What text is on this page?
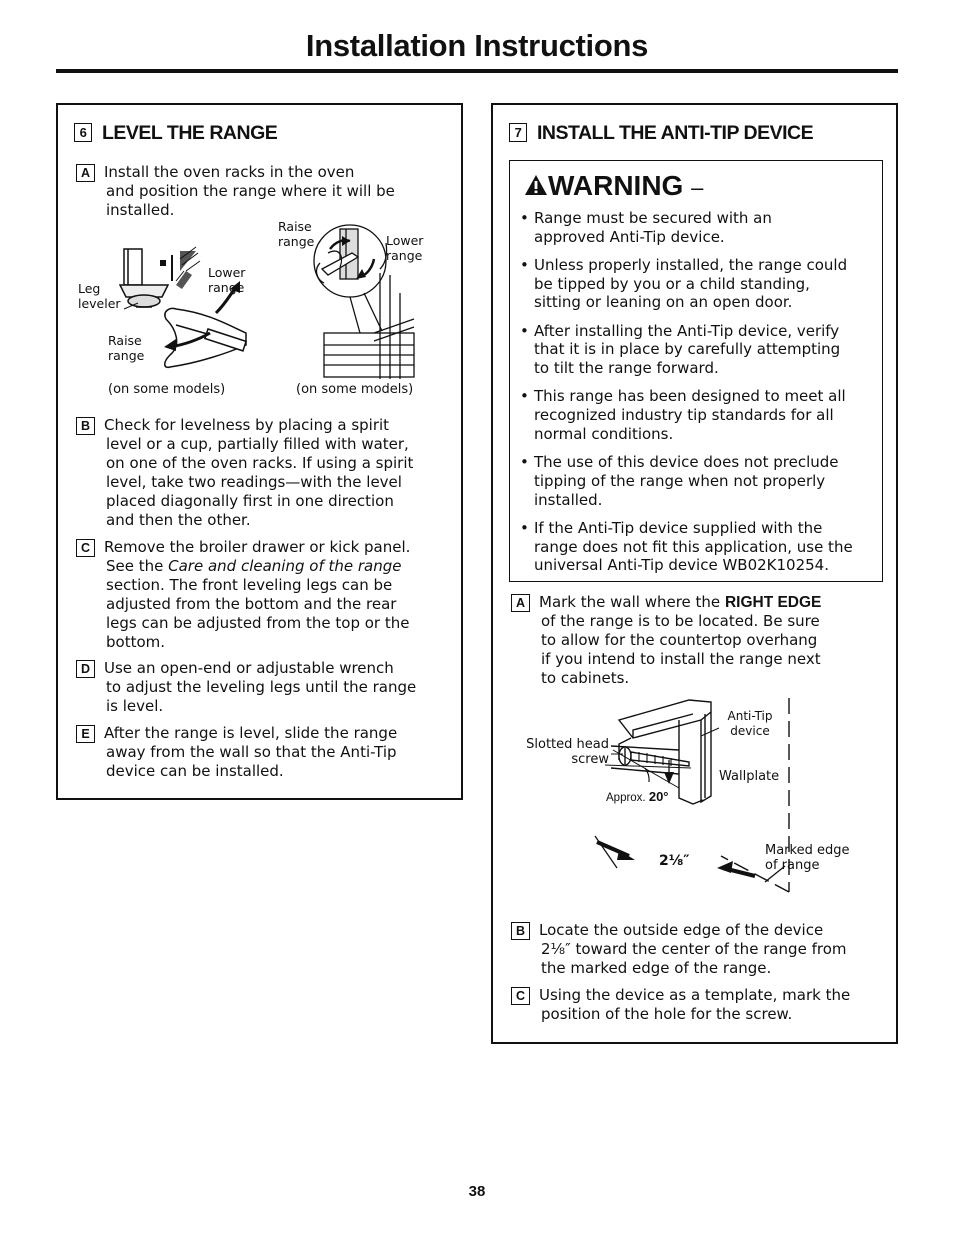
Installation Instructions
6 LEVEL THE RANGE
A Install the oven racks in the oven
and position the range where it will be
installed.
Leg
leveler
Lower
range
Raise
range
(on some models)
Raise
range	Lower
range
(on some models)
B Check for levelness by placing a spirit
level or a cup, partially filled with water,
on one of the oven racks. If using a spirit
level, take two readings—with the level
placed diagonally first in one direction
and then the other.
C Remove the broiler drawer or kick panel.
See the Care and cleaning of the range
section. The front leveling legs can be
adjusted from the bottom and the rear
legs can be adjusted from the top or the
bottom.
D Use an open-end or adjustable wrench
to adjust the leveling legs until the range
is level.
E After the range is level, slide the range
away from the wall so that the Anti-Tip
device can be installed.
7 INSTALL THE ANTI-TIP DEVICE
WARNING –
• Range must be secured with an
approved Anti-Tip device.
• Unless properly installed, the range could
be tipped by you or a child standing,
sitting or leaning on an open door.
• After installing the Anti-Tip device, verify
that it is in place by carefully attempting
to tilt the range forward.
• This range has been designed to meet all
recognized industry tip standards for all
normal conditions.
• The use of this device does not preclude
tipping of the range when not properly
installed.
• If the Anti-Tip device supplied with the
range does not fit this application, use the
universal Anti-Tip device WB02K10254.
A Mark the wall where the RIGHT EDGE
of the range is to be located. Be sure
to allow for the countertop overhang
if you intend to install the range next
to cabinets.
Anti-Tip
device
Slotted head
screw
Wallplate
Approx. 20°
2⅛″
Marked edge
of range
B Locate the outside edge of the device
2⅛″ toward the center of the range from
the marked edge of the range.
C Using the device as a template, mark the
position of the hole for the screw.
38
